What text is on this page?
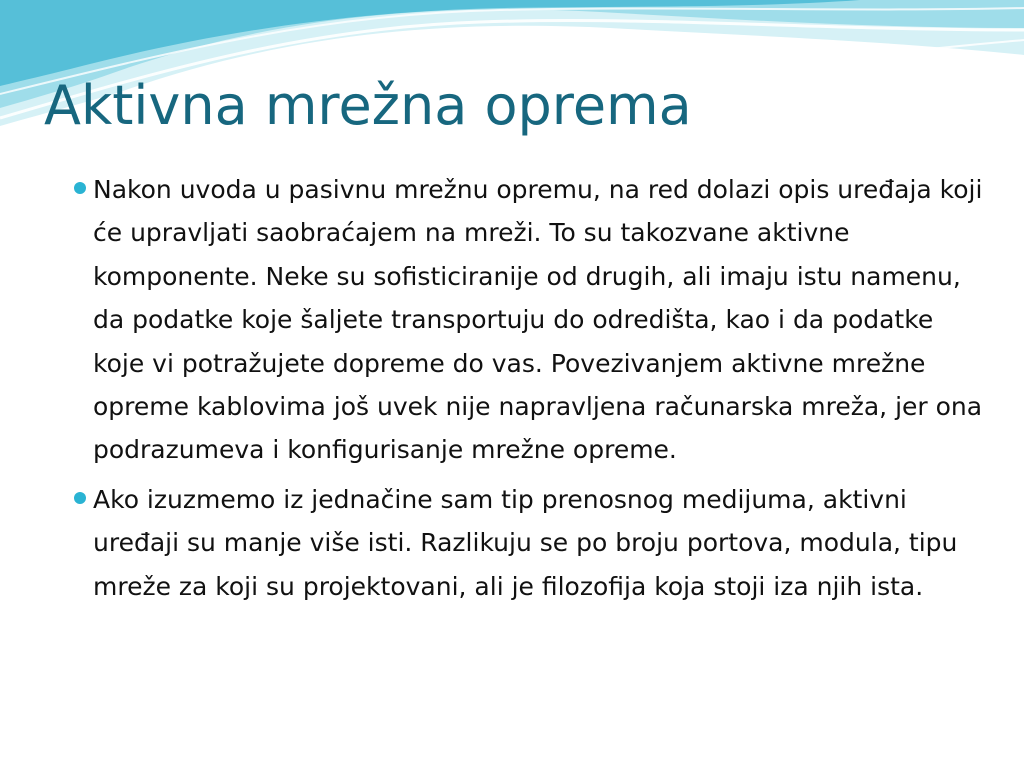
Aktivna mrežna oprema
Nakon uvoda u pasivnu mrežnu opremu, na red dolazi opis uređaja koji će upravljati saobraćajem na mreži. To su takozvane aktivne komponente. Neke su sofisticiranije od drugih, ali imaju istu namenu, da podatke koje šaljete transportuju do odredišta, kao i da podatke koje vi potražujete dopreme do vas. Povezivanjem aktivne mrežne opreme kablovima još uvek nije napravljena računarska mreža, jer ona podrazumeva i konfigurisanje mrežne opreme.
Ako izuzmemo iz jednačine sam tip prenosnog medijuma, aktivni uređaji su manje više isti. Razlikuju se po broju portova, modula, tipu mreže za koji su projektovani, ali je filozofija koja stoji iza njih ista.
